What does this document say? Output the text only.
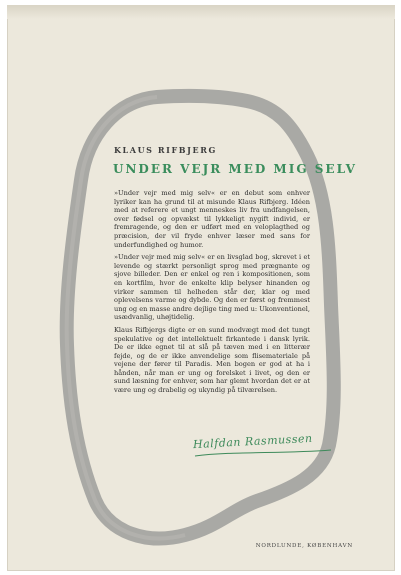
KLAUS RIFBJERG
UNDER VEJR MED MIG SELV

»Under vejr med mig selv« er en debut som enhver lyriker kan ha grund til at misunde Klaus Rifbjerg. Idéen med at referere et ungt menneskes liv fra undfangelsen, over fødsel og opvækst til lykkeligt nygift individ, er fremragende, og den er udført med en veloplagthed og præcision, der vil fryde enhver læser med sans for underfundighed og humor.

»Under vejr med mig selv« er en livsglad bog, skrevet i et levende og stærkt personligt sprog med prægnante og sjove billeder. Den er enkel og ren i kompositionen, som en kortfilm, hvor de enkelte klip belyser hinanden og virker sammen til helheden står der, klar og med oplevelsens varme og dybde. Og den er først og fremmest ung og en masse andre dejlige ting med u: Ukonventionel, usædvanlig, uhøjtidelig.

Klaus Rifbjergs digte er en sund modvægt mod det tungt spekulative og det intellektuelt firkantede i dansk lyrik. De er ikke egnet til at slå på tæven med i en litterær fejde, og de er ikke anvendelige som flisemateriale på vejene der fører til Paradis. Men bogen er god at ha i hånden, når man er ung og forelsket i livet, og den er sund læsning for enhver, som har glemt hvordan det er at være ung og drabelig og ukyndig på tilværelsen.

Halfdan Rasmussen
NORDLUNDE, KØBENHAVN
